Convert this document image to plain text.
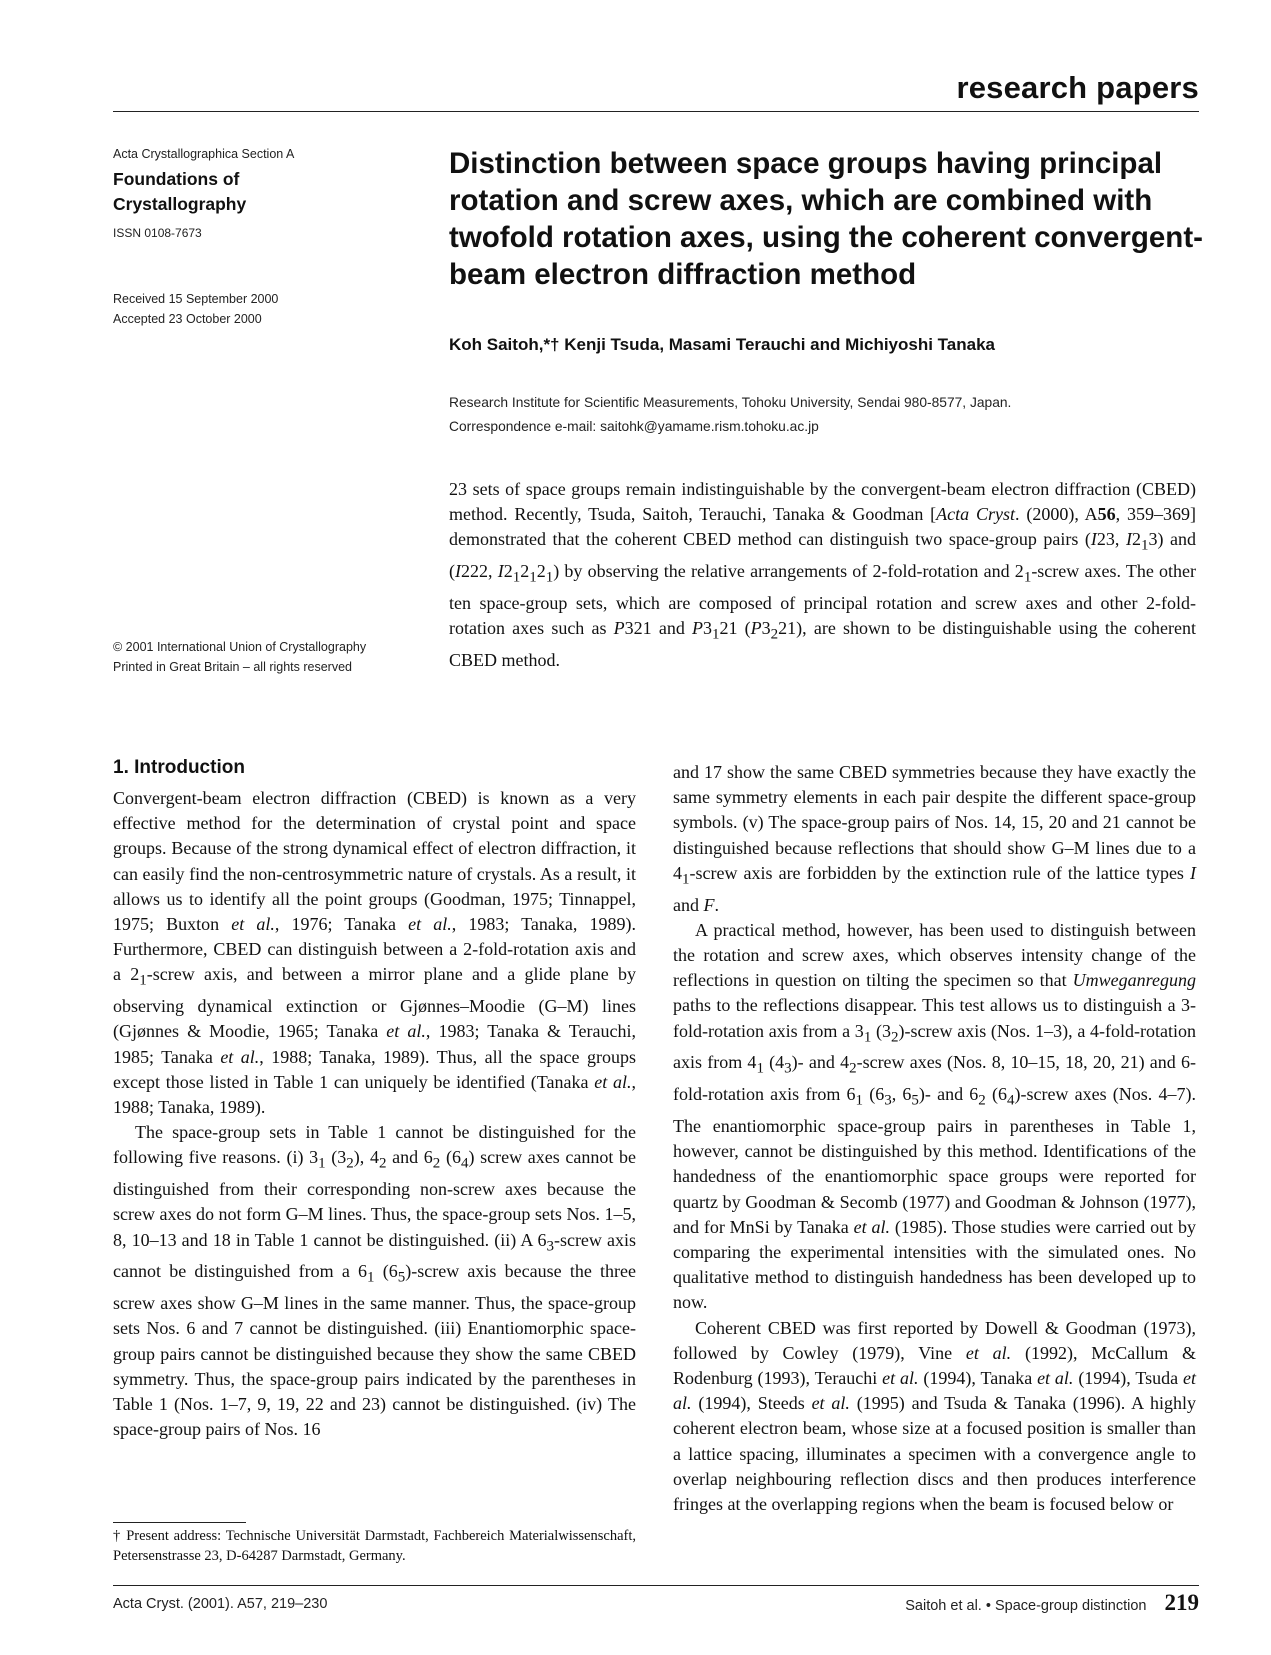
research papers
Acta Crystallographica Section A
Foundations of Crystallography
ISSN 0108-7673
Received 15 September 2000
Accepted 23 October 2000
© 2001 International Union of Crystallography
Printed in Great Britain – all rights reserved
Distinction between space groups having principal rotation and screw axes, which are combined with twofold rotation axes, using the coherent convergent-beam electron diffraction method
Koh Saitoh,*† Kenji Tsuda, Masami Terauchi and Michiyoshi Tanaka
Research Institute for Scientific Measurements, Tohoku University, Sendai 980-8577, Japan.
Correspondence e-mail: saitohk@yamame.rism.tohoku.ac.jp
23 sets of space groups remain indistinguishable by the convergent-beam electron diffraction (CBED) method. Recently, Tsuda, Saitoh, Terauchi, Tanaka & Goodman [Acta Cryst. (2000), A56, 359–369] demonstrated that the coherent CBED method can distinguish two space-group pairs (I23, $I2_13$) and (I222, $I2_12_12_1$) by observing the relative arrangements of 2-fold-rotation and $2_1$-screw axes. The other ten space-group sets, which are composed of principal rotation and screw axes and other 2-fold-rotation axes such as P321 and $P3_121$ $(P3_221)$, are shown to be distinguishable using the coherent CBED method.
1. Introduction

Convergent-beam electron diffraction (CBED) is known as a very effective method for the determination of crystal point and space groups. Because of the strong dynamical effect of electron diffraction, it can easily find the non-centrosymmetric nature of crystals. As a result, it allows us to identify all the point groups (Goodman, 1975; Tinnappel, 1975; Buxton et al., 1976; Tanaka et al., 1983; Tanaka, 1989). Furthermore, CBED can distinguish between a 2-fold-rotation axis and a $2_1$-screw axis, and between a mirror plane and a glide plane by observing dynamical extinction or Gjønnes–Moodie (G–M) lines (Gjønnes & Moodie, 1965; Tanaka et al., 1983; Tanaka & Terauchi, 1985; Tanaka et al., 1988; Tanaka, 1989). Thus, all the space groups except those listed in Table 1 can uniquely be identified (Tanaka et al., 1988; Tanaka, 1989).

The space-group sets in Table 1 cannot be distinguished for the following five reasons. (i) $3_1$ $(3_2)$, $4_2$ and $6_2$ $(6_4)$ screw axes cannot be distinguished from their corresponding non-screw axes because the screw axes do not form G–M lines. Thus, the space-group sets Nos. 1–5, 8, 10–13 and 18 in Table 1 cannot be distinguished. (ii) A $6_3$-screw axis cannot be distinguished from a $6_1$ $(6_5)$-screw axis because the three screw axes show G–M lines in the same manner. Thus, the space-group sets Nos. 6 and 7 cannot be distinguished. (iii) Enantiomorphic space-group pairs cannot be distinguished because they show the same CBED symmetry. Thus, the space-group pairs indicated by the parentheses in Table 1 (Nos. 1–7, 9, 19, 22 and 23) cannot be distinguished. (iv) The space-group pairs of Nos. 16

and 17 show the same CBED symmetries because they have exactly the same symmetry elements in each pair despite the different space-group symbols. (v) The space-group pairs of Nos. 14, 15, 20 and 21 cannot be distinguished because reflections that should show G–M lines due to a $4_1$-screw axis are forbidden by the extinction rule of the lattice types I and F.

A practical method, however, has been used to distinguish between the rotation and screw axes, which observes intensity change of the reflections in question on tilting the specimen so that Umweganregung paths to the reflections disappear. This test allows us to distinguish a 3-fold-rotation axis from a $3_1$ $(3_2)$-screw axis (Nos. 1–3), a 4-fold-rotation axis from $4_1$ $(4_3)-$ and $4_2$-screw axes (Nos. 8, 10–15, 18, 20, 21) and 6-fold-rotation axis from $6_1$ ($6_3$, $6_5)-$ and $6_2$ $(6_4)$-screw axes (Nos. 4–7). The enantiomorphic space-group pairs in parentheses in Table 1, however, cannot be distinguished by this method. Identifications of the handedness of the enantiomorphic space groups were reported for quartz by Goodman & Secomb (1977) and Goodman & Johnson (1977), and for MnSi by Tanaka et al. (1985). Those studies were carried out by comparing the experimental intensities with the simulated ones. No qualitative method to distinguish handedness has been developed up to now.

Coherent CBED was first reported by Dowell & Goodman (1973), followed by Cowley (1979), Vine et al. (1992), McCallum & Rodenburg (1993), Terauchi et al. (1994), Tanaka et al. (1994), Tsuda et al. (1994), Steeds et al. (1995) and Tsuda & Tanaka (1996). A highly coherent electron beam, whose size at a focused position is smaller than a lattice spacing, illuminates a specimen with a convergence angle to overlap neighbouring reflection discs and then produces interference fringes at the overlapping regions when the beam is focused below or

† Present address: Technische Universität Darmstadt, Fachbereich Materialwissenschaft, Petersenstrasse 23, D-64287 Darmstadt, Germany.
Acta Cryst. (2001). A57, 219–230	Saitoh et al. • Space-group distinction 219
